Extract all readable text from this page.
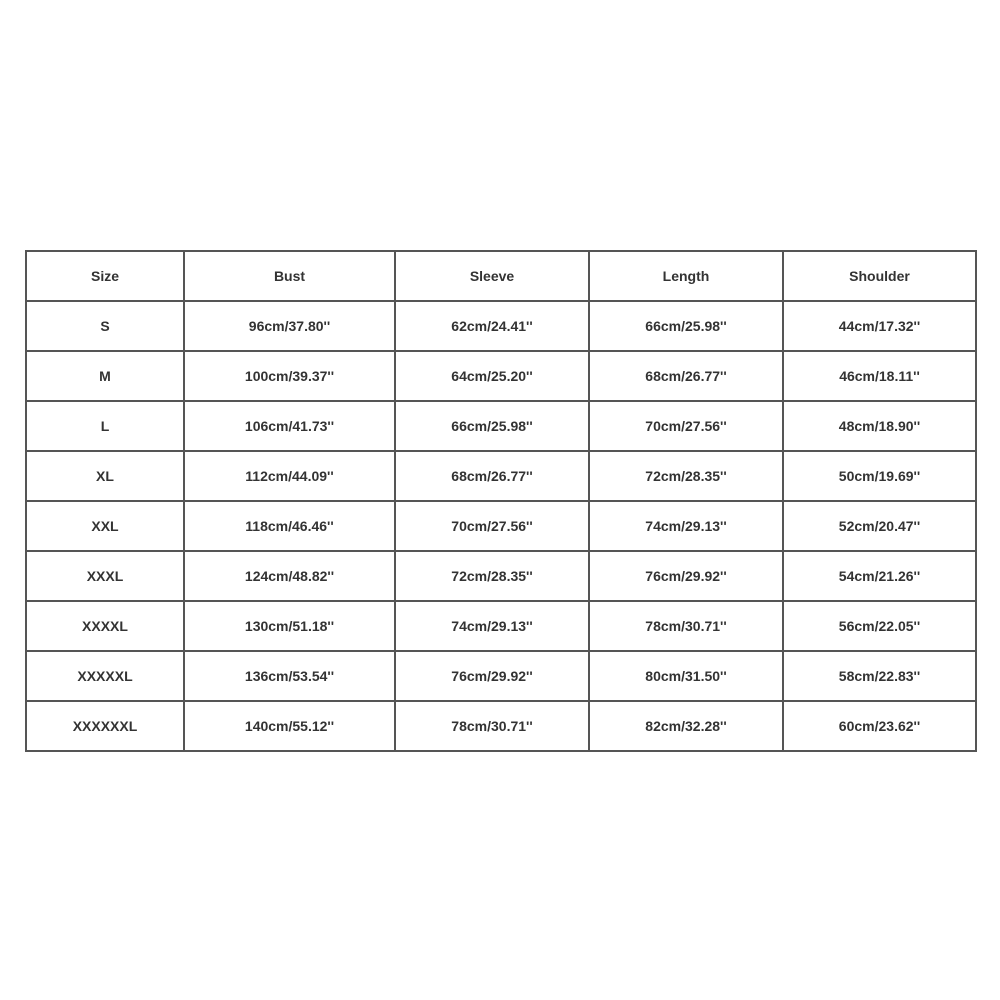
Size	Bust	Sleeve	Length	Shoulder
S	96cm/37.80''	62cm/24.41''	66cm/25.98''	44cm/17.32''
M	100cm/39.37''	64cm/25.20''	68cm/26.77''	46cm/18.11''
L	106cm/41.73''	66cm/25.98''	70cm/27.56''	48cm/18.90''
XL	112cm/44.09''	68cm/26.77''	72cm/28.35''	50cm/19.69''
XXL	118cm/46.46''	70cm/27.56''	74cm/29.13''	52cm/20.47''
XXXL	124cm/48.82''	72cm/28.35''	76cm/29.92''	54cm/21.26''
XXXXL	130cm/51.18''	74cm/29.13''	78cm/30.71''	56cm/22.05''
XXXXXL	136cm/53.54''	76cm/29.92''	80cm/31.50''	58cm/22.83''
XXXXXXL	140cm/55.12''	78cm/30.71''	82cm/32.28''	60cm/23.62''
